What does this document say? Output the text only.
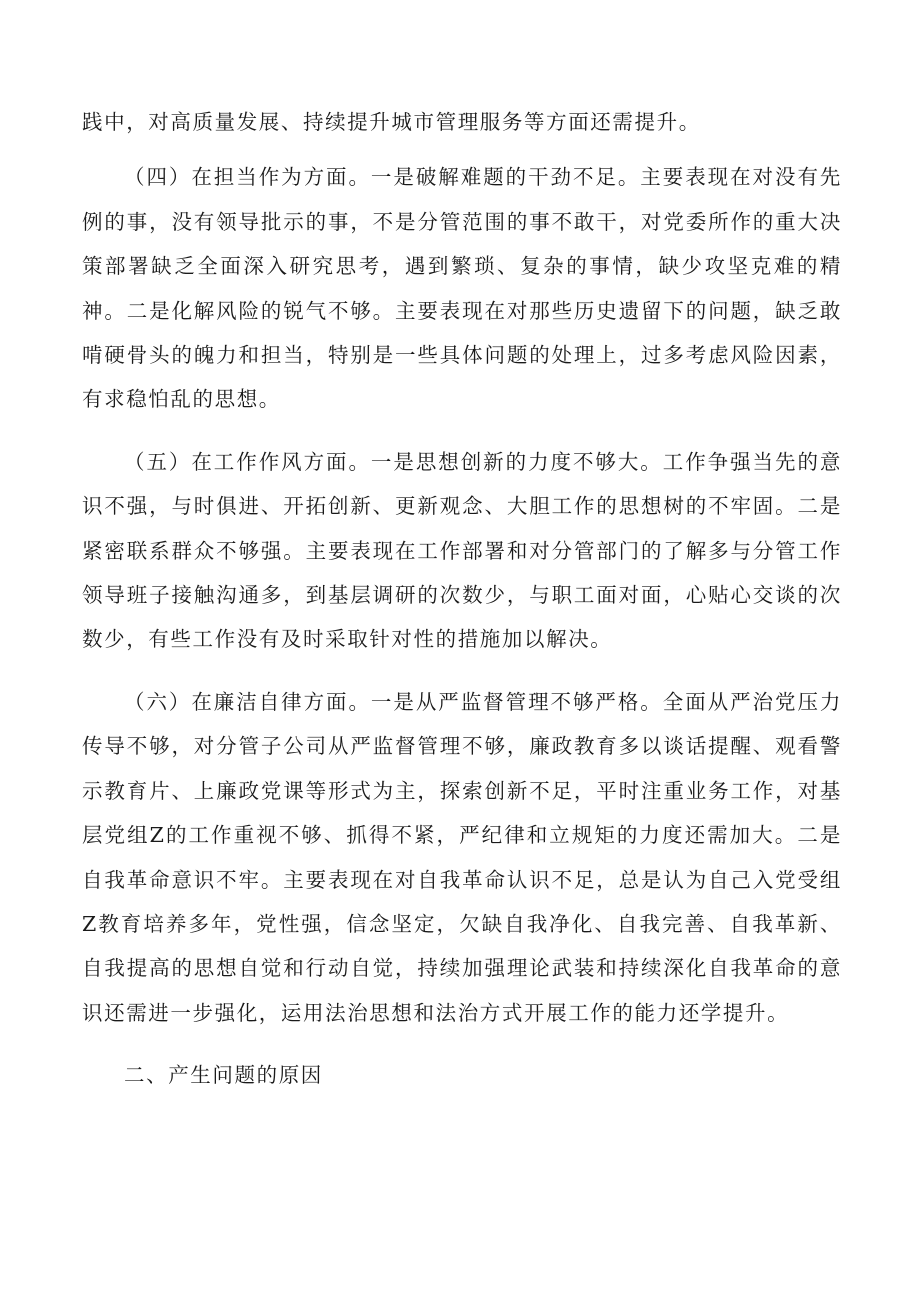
践中，对高质量发展、持续提升城市管理服务等方面还需提升。

（四）在担当作为方面。一是破解难题的干劲不足。主要表现在对没有先例的事，没有领导批示的事，不是分管范围的事不敢干，对党委所作的重大决策部署缺乏全面深入研究思考，遇到繁琐、复杂的事情，缺少攻坚克难的精神。二是化解风险的锐气不够。主要表现在对那些历史遗留下的问题，缺乏敢啃硬骨头的魄力和担当，特别是一些具体问题的处理上，过多考虑风险因素，有求稳怕乱的思想。

（五）在工作作风方面。一是思想创新的力度不够大。工作争强当先的意识不强，与时俱进、开拓创新、更新观念、大胆工作的思想树的不牢固。二是紧密联系群众不够强。主要表现在工作部署和对分管部门的了解多与分管工作领导班子接触沟通多，到基层调研的次数少，与职工面对面，心贴心交谈的次数少，有些工作没有及时采取针对性的措施加以解决。

（六）在廉洁自律方面。一是从严监督管理不够严格。全面从严治党压力传导不够，对分管子公司从严监督管理不够，廉政教育多以谈话提醒、观看警示教育片、上廉政党课等形式为主，探索创新不足，平时注重业务工作，对基层党组Z的工作重视不够、抓得不紧，严纪律和立规矩的力度还需加大。二是自我革命意识不牢。主要表现在对自我革命认识不足，总是认为自己入党受组Z教育培养多年，党性强，信念坚定，欠缺自我净化、自我完善、自我革新、自我提高的思想自觉和行动自觉，持续加强理论武装和持续深化自我革命的意识还需进一步强化，运用法治思想和法治方式开展工作的能力还学提升。

二、产生问题的原因
